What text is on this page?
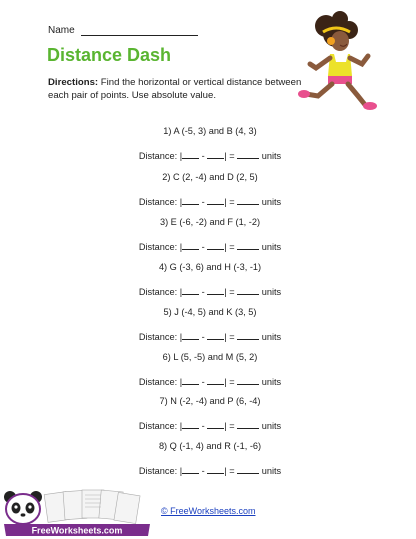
Name
Distance Dash
Directions: Find the horizontal or vertical distance between each pair of points. Use absolute value.
1) A (-5, 3) and B (4, 3)
Distance: | - | =	units
2) C (2, -4) and D (2, 5)
Distance: | - | =	units
3) E (-6, -2) and F (1, -2)
Distance: | - | =	units
4) G (-3, 6) and H (-3, -1)
Distance: | - | =	units
5) J (-4, 5) and K (3, 5)
Distance: | - | =	units
6) L (5, -5) and M (5, 2)
Distance: | - | =	units
7) N (-2, -4) and P (6, -4)
Distance: | - | =	units
8) Q (-1, 4) and R (-1, -6)
Distance: | - | =	units
FreeWorksheets.com
© FreeWorksheets.com
